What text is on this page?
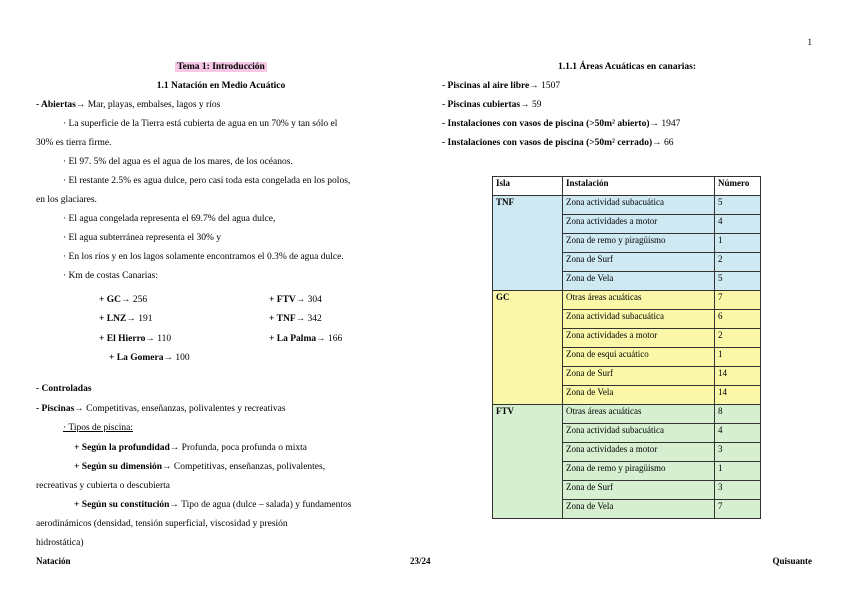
1
Tema 1: Introducción
1.1 Natación en Medio Acuático
- Abiertas→ Mar, playas, embalses, lagos y ríos
· La superficie de la Tierra está cubierta de agua en un 70% y tan sólo el
30% es tierra firme.
· El 97. 5% del agua es el agua de los mares, de los océanos.
· El restante 2.5% es agua dulce, pero casi toda esta congelada en los polos,
en los glaciares.
· El agua congelada representa el 69.7% del agua dulce,
· El agua subterránea representa el 30% y
· En los ríos y en los lagos solamente encontramos el 0.3% de agua dulce.
· Km de costas Canarias:
+ GC→ 256	+ FTV→ 304
+ LNZ→ 191	+ TNF→ 342
+ El Hierro→ 110	+ La Palma→ 166
+ La Gomera→ 100
- Controladas
- Piscinas→ Competitivas, enseñanzas, polivalentes y recreativas
· Tipos de piscina:
+ Según la profundidad→ Profunda, poca profunda o mixta
+ Según su dimensión→ Competitivas, enseñanzas, polivalentes,
recreativas y cubierta o descubierta
+ Según su constitución→ Tipo de agua (dulce – salada) y fundamentos
aerodinámicos (densidad, tensión superficial, viscosidad y presión
hidrostática)
1.1.1 Áreas Acuáticas en canarias:
- Piscinas al aire libre→ 1507
- Piscinas cubiertas→ 59
- Instalaciones con vasos de piscina (>50m² abierto)→ 1947
- Instalaciones con vasos de piscina (>50m² cerrado)→ 66
Isla	Instalación	Número
TNF	Zona actividad subacuática	5
	Zona actividades a motor	4
	Zona de remo y piragüismo	1
	Zona de Surf	2
	Zona de Vela	5
GC	Otras áreas acuáticas	7
	Zona actividad subacuática	6
	Zona actividades a motor	2
	Zona de esquí acuático	1
	Zona de Surf	14
	Zona de Vela	14
FTV	Otras áreas acuáticas	8
	Zona actividad subacuática	4
	Zona actividades a motor	3
	Zona de remo y piragüismo	1
	Zona de Surf	3
	Zona de Vela	7
Natación	23/24	Quisuante
